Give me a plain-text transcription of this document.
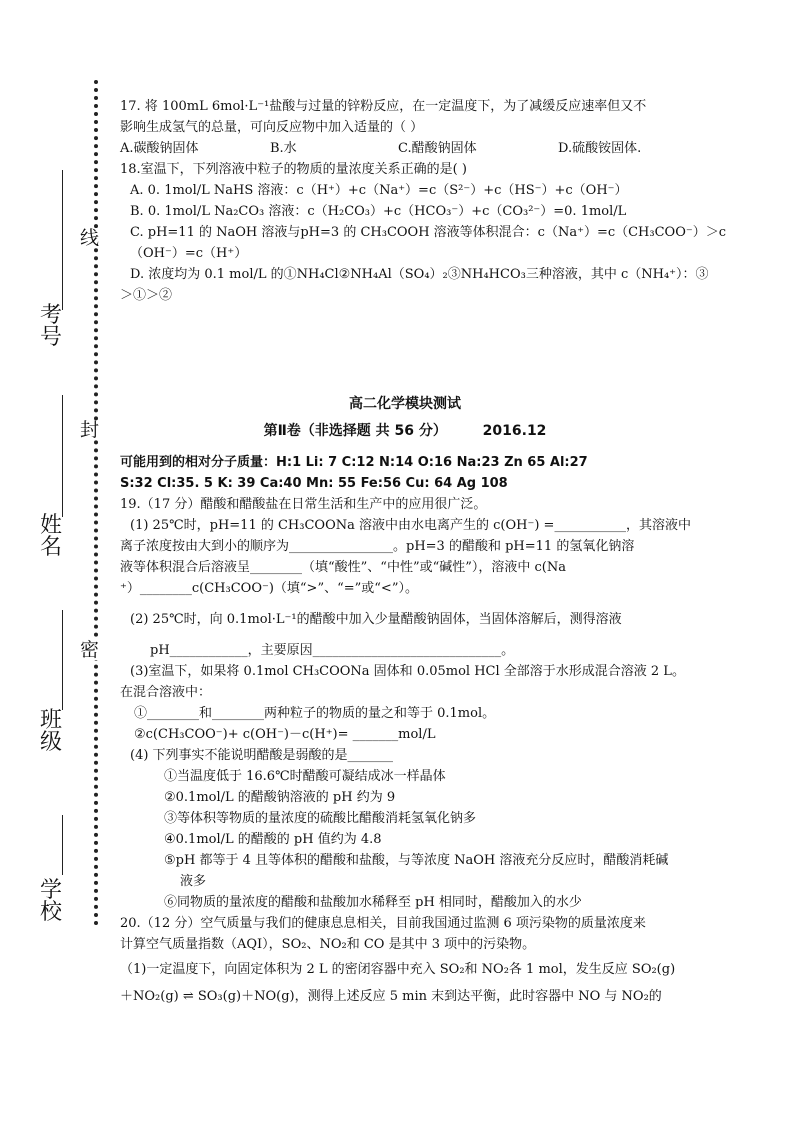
考号
姓名
班级
学校
线
封
密
17. 将 100mL 6mol·L⁻¹盐酸与过量的锌粉反应，在一定温度下，为了减缓反应速率但又不
影响生成氢气的总量，可向反应物中加入适量的（ ）
A.碳酸钠固体	B.水	C.醋酸钠固体	D.硫酸铵固体.
18.室温下，下列溶液中粒子的物质的量浓度关系正确的是( )
A. 0. 1mol/L NaHS 溶液：c（H⁺）+c（Na⁺）=c（S²⁻）+c（HS⁻）+c（OH⁻）
B. 0. 1mol/L Na₂CO₃ 溶液：c（H₂CO₃）+c（HCO₃⁻）+c（CO₃²⁻）=0. 1mol/L
C. pH=11 的 NaOH 溶液与pH=3 的 CH₃COOH 溶液等体积混合：c（Na⁺）=c（CH₃COO⁻）＞c
（OH⁻）=c（H⁺）
D. 浓度均为 0.1 mol/L 的①NH₄Cl②NH₄Al（SO₄）₂③NH₄HCO₃三种溶液，其中 c（NH₄⁺）：③
＞①＞②
高二化学模块测试
第Ⅱ卷（非选择题 共 56 分）	2016.12
可能用到的相对分子质量：H:1 Li: 7 C:12 N:14 O:16 Na:23 Zn 65 Al:27
S:32 Cl:35. 5 K: 39 Ca:40 Mn: 55 Fe:56 Cu: 64 Ag 108
19.（17 分）醋酸和醋酸盐在日常生活和生产中的应用很广泛。
(1) 25℃时，pH=11 的 CH₃COONa 溶液中由水电离产生的 c(OH⁻) =___________，其溶液中
离子浓度按由大到小的顺序为________________。pH=3 的醋酸和 pH=11 的氢氧化钠溶
液等体积混合后溶液呈________（填“酸性”、“中性”或“碱性”），溶液中 c(Na
⁺）________c(CH₃COO⁻)（填“>”、“=”或“<”）。
(2) 25℃时，向 0.1mol·L⁻¹的醋酸中加入少量醋酸钠固体，当固体溶解后，测得溶液
pH____________，主要原因_____________________________。
(3)室温下，如果将 0.1mol CH₃COONa 固体和 0.05mol HCl 全部溶于水形成混合溶液 2 L。
在混合溶液中：
①________和________两种粒子的物质的量之和等于 0.1mol。
②c(CH₃COO⁻)+ c(OH⁻)－c(H⁺)= _______mol/L
(4) 下列事实不能说明醋酸是弱酸的是_______
①当温度低于 16.6℃时醋酸可凝结成冰一样晶体
②0.1mol/L 的醋酸钠溶液的 pH 约为 9
③等体积等物质的量浓度的硫酸比醋酸消耗氢氧化钠多
④0.1mol/L 的醋酸的 pH 值约为 4.8
⑤pH 都等于 4 且等体积的醋酸和盐酸，与等浓度 NaOH 溶液充分反应时，醋酸消耗碱
液多
⑥同物质的量浓度的醋酸和盐酸加水稀释至 pH 相同时，醋酸加入的水少
20.（12 分）空气质量与我们的健康息息相关，目前我国通过监测 6 项污染物的质量浓度来
计算空气质量指数（AQI），SO₂、NO₂和 CO 是其中 3 项中的污染物。
（1)一定温度下，向固定体积为 2 L 的密闭容器中充入 SO₂和 NO₂各 1 mol，发生反应 SO₂(g)
＋NO₂(g) ⇌ SO₃(g)＋NO(g)，测得上述反应 5 min 末到达平衡，此时容器中 NO 与 NO₂的
